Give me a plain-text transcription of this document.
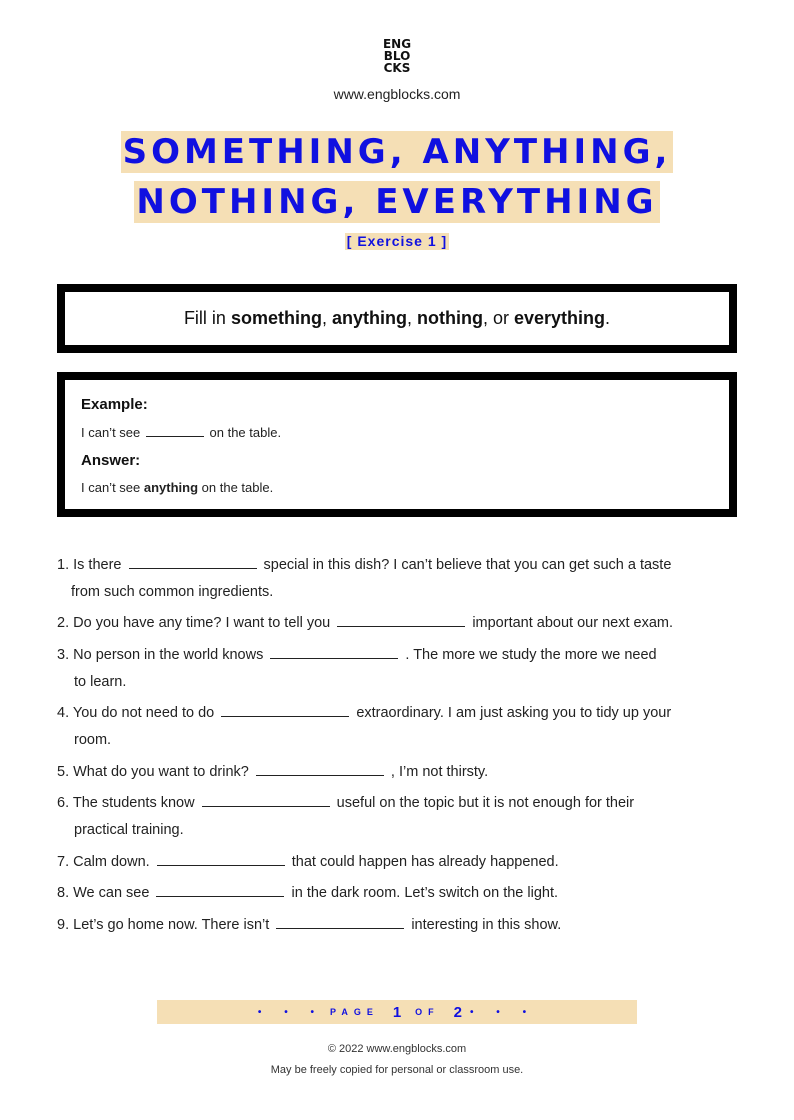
ENG
BLO
CKS
www.engblocks.com
SOMETHING, ANYTHING,
NOTHING, EVERYTHING
[ Exercise 1 ]
Fill in something, anything, nothing, or everything.
Example:
I can’t see	on the table.
Answer:
I can’t see anything on the table.
1. Is there	special in this dish? I can’t believe that you can get such a taste
from such common ingredients.
2. Do you have any time? I want to tell you	important about our next exam.
3. No person in the world knows	. The more we study the more we need
to learn.
4. You do not need to do	extraordinary. I am just asking you to tidy up your
room.
5. What do you want to drink?	, I’m not thirsty.
6. The students know	useful on the topic but it is not enough for their
practical training.
7. Calm down.	that could happen has already happened.
8. We can see	in the dark room. Let’s switch on the light.
9. Let’s go home now. There isn’t	interesting in this show.
• • • PAGE 1 OF 2 • • •
© 2022 www.engblocks.com
May be freely copied for personal or classroom use.
